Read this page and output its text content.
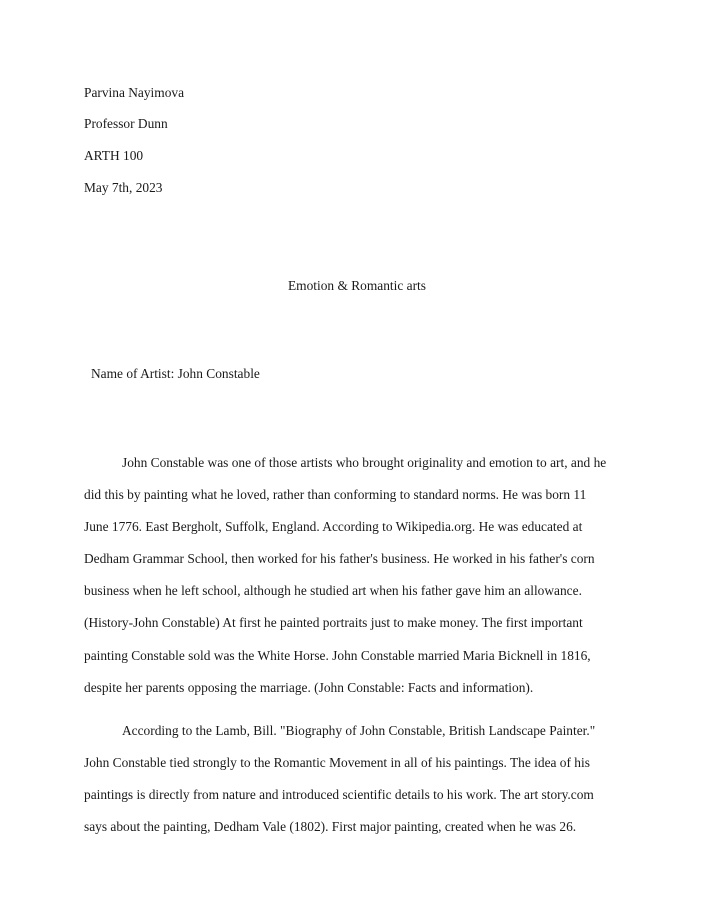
Parvina Nayimova
Professor Dunn
ARTH 100
May 7th, 2023
Emotion & Romantic arts
Name of Artist: John Constable
John Constable was one of those artists who brought originality and emotion to art, and he
did this by painting what he loved, rather than conforming to standard norms. He was born 11
June 1776. East Bergholt, Suffolk, England. According to Wikipedia.org. He was educated at
Dedham Grammar School, then worked for his father's business. He worked in his father's corn
business when he left school, although he studied art when his father gave him an allowance.
(History-John Constable) At first he painted portraits just to make money. The first important
painting Constable sold was the White Horse. John Constable married Maria Bicknell in 1816,
despite her parents opposing the marriage. (John Constable: Facts and information).
According to the Lamb, Bill. "Biography of John Constable, British Landscape Painter."
John Constable tied strongly to the Romantic Movement in all of his paintings. The idea of his
paintings is directly from nature and introduced scientific details to his work. The art story.com
says about the painting, Dedham Vale (1802). First major painting, created when he was 26.
